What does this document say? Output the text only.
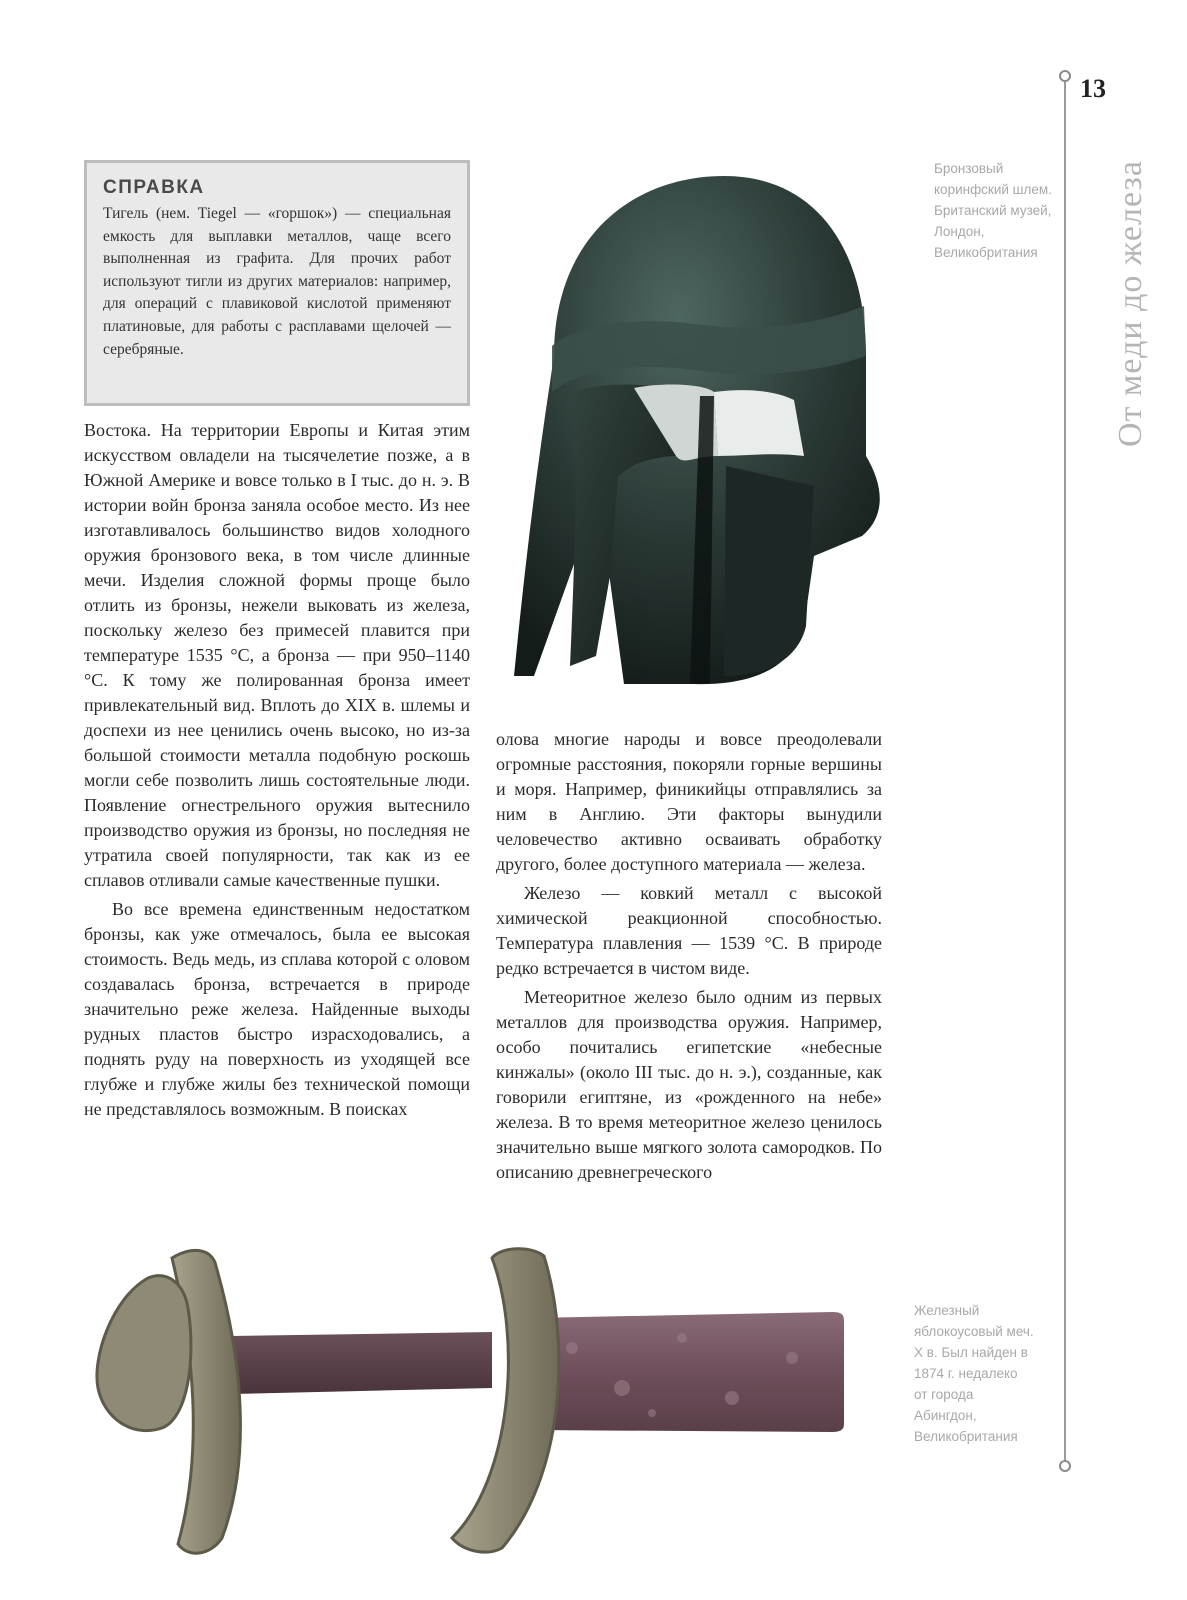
13
От меди до железа
СПРАВКА
Тигель (нем. Tiegel — «горшок») — специальная емкость для выплавки металлов, чаще всего выполненная из графита. Для прочих работ используют тигли из других материалов: например, для операций с плавиковой кислотой применяют платиновые, для работы с расплавами щелочей — серебряные.

Востока. На территории Европы и Китая этим искусством овладели на тысячелетие позже, а в Южной Америке и вовсе только в I тыс. до н. э. В истории войн бронза заняла особое место. Из нее изготавливалось большинство видов холодного оружия бронзового века, в том числе длинные мечи. Изделия сложной формы проще было отлить из бронзы, нежели выковать из железа, поскольку железо без примесей плавится при температуре 1535 °С, а бронза — при 950–1140 °С. К тому же полированная бронза имеет привлекательный вид. Вплоть до XIX в. шлемы и доспехи из нее ценились очень высоко, но из-за большой стоимости металла подобную роскошь могли себе позволить лишь состоятельные люди. Появление огнестрельного оружия вытеснило производство оружия из бронзы, но последняя не утратила своей популярности, так как из ее сплавов отливали самые качественные пушки.

Во все времена единственным недостатком бронзы, как уже отмечалось, была ее высокая стоимость. Ведь медь, из сплава которой с оловом создавалась бронза, встречается в природе значительно реже железа. Найденные выходы рудных пластов быстро израсходовались, а поднять руду на поверхность из уходящей все глубже и глубже жилы без технической помощи не представлялось возможным. В поисках

олова многие народы и вовсе преодолевали огромные расстояния, покоряли горные вершины и моря. Например, финикийцы отправлялись за ним в Англию. Эти факторы вынудили человечество активно осваивать обработку другого, более доступного материала — железа.

Железо — ковкий металл с высокой химической реакционной способностью. Температура плавления — 1539 °С. В природе редко встречается в чистом виде.

Метеоритное железо было одним из первых металлов для производства оружия. Например, особо почитались египетские «небесные кинжалы» (около III тыс. до н. э.), созданные, как говорили египтяне, из «рожденного на небе» железа. В то время метеоритное железо ценилось значительно выше мягкого золота самородков. По описанию древнегреческого

Бронзовый коринфский шлем. Британский музей, Лондон, Великобритания
Железный яблокоусовый меч. X в. Был найден в 1874 г. недалеко от города Абингдон, Великобритания
